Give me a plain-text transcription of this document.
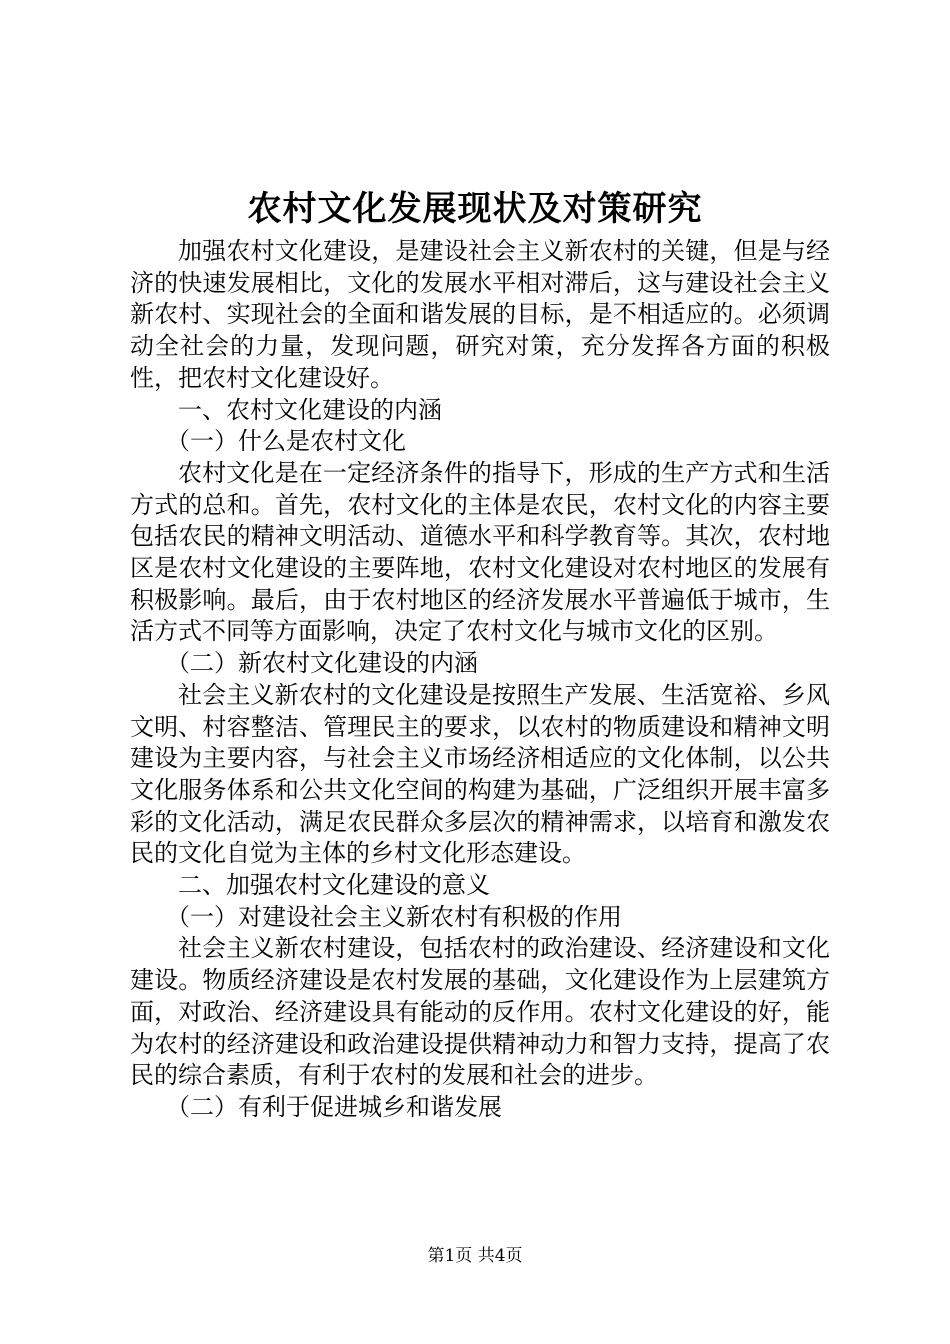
农村文化发展现状及对策研究

加强农村文化建设，是建设社会主义新农村的关键，但是与经济的快速发展相比，文化的发展水平相对滞后，这与建设社会主义新农村、实现社会的全面和谐发展的目标，是不相适应的。必须调动全社会的力量，发现问题，研究对策，充分发挥各方面的积极性，把农村文化建设好。

一、农村文化建设的内涵

（一）什么是农村文化

农村文化是在一定经济条件的指导下，形成的生产方式和生活方式的总和。首先，农村文化的主体是农民，农村文化的内容主要包括农民的精神文明活动、道德水平和科学教育等。其次，农村地区是农村文化建设的主要阵地，农村文化建设对农村地区的发展有积极影响。最后，由于农村地区的经济发展水平普遍低于城市，生活方式不同等方面影响，决定了农村文化与城市文化的区别。

（二）新农村文化建设的内涵

社会主义新农村的文化建设是按照生产发展、生活宽裕、乡风文明、村容整洁、管理民主的要求，以农村的物质建设和精神文明建设为主要内容，与社会主义市场经济相适应的文化体制，以公共文化服务体系和公共文化空间的构建为基础，广泛组织开展丰富多彩的文化活动，满足农民群众多层次的精神需求，以培育和激发农民的文化自觉为主体的乡村文化形态建设。

二、加强农村文化建设的意义

（一）对建设社会主义新农村有积极的作用

社会主义新农村建设，包括农村的政治建设、经济建设和文化建设。物质经济建设是农村发展的基础，文化建设作为上层建筑方面，对政治、经济建设具有能动的反作用。农村文化建设的好，能为农村的经济建设和政治建设提供精神动力和智力支持，提高了农民的综合素质，有利于农村的发展和社会的进步。

（二）有利于促进城乡和谐发展

第1页 共4页
